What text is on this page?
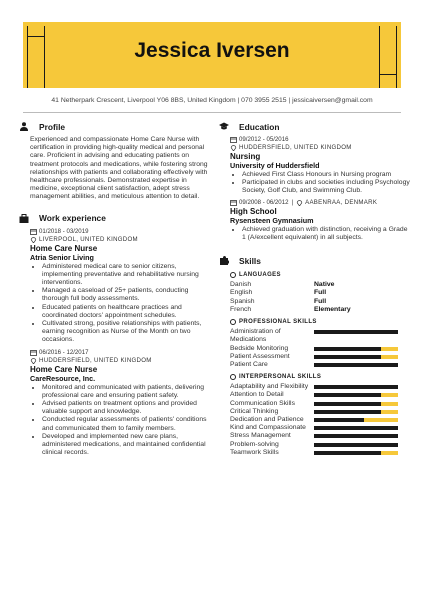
Jessica Iversen
41 Netherpark Crescent, Liverpool Y06 8BS, United Kingdom | 070 3955 2515 | jessicaiversen@gmail.com
Profile
Experienced and compassionate Home Care Nurse with certification in providing high-quality medical and personal care. Proficient in advising and educating patients on treatment protocols and medications, while fostering strong relationships with patients and collaborating effectively with healthcare professionals. Demonstrated expertise in medicine, exceptional client satisfaction, adept stress management abilities, and meticulous attention to detail.
Work experience
01/2018 - 03/2019
LIVERPOOL, UNITED KINGDOM
Home Care Nurse
Atria Senior Living
• Administered medical care to senior citizens, implementing preventative and rehabilitative nursing interventions.
• Managed a caseload of 25+ patients, conducting thorough full body assessments.
• Educated patients on healthcare practices and coordinated doctors' appointment schedules.
• Cultivated strong, positive relationships with patients, earning recognition as Nurse of the Month on two occasions.
06/2016 - 12/2017
HUDDERSFIELD, UNITED KINGDOM
Home Care Nurse
CareResource, Inc.
• Monitored and communicated with patients, delivering professional care and ensuring patient safety.
• Advised patients on treatment options and provided valuable support and knowledge.
• Conducted regular assessments of patients' conditions and communicated them to family members.
• Developed and implemented new care plans, administered medications, and maintained confidential clinical records.
Education
09/2012 - 05/2016
HUDDERSFIELD, UNITED KINGDOM
Nursing
University of Huddersfield
• Achieved First Class Honours in Nursing program
• Participated in clubs and societies including Psychology Society, Golf Club, and Swimming Club.
09/2008 - 06/2012 | AABENRAA, DENMARK
High School
Rysensteen Gymnasium
• Achieved graduation with distinction, receiving a Grade 1 (A/excellent equivalent) in all subjects.
Skills
LANGUAGES
Danish	Native
English	Full
Spanish	Full
French	Elementary
PROFESSIONAL SKILLS
Administration of Medications
Bedside Monitoring
Patient Assessment
Patient Care
INTERPERSONAL SKILLS
Adaptability and Flexibility
Attention to Detail
Communication Skills
Critical Thinking
Dedication and Patience
Kind and Compassionate
Stress Management
Problem-solving
Teamwork Skills
